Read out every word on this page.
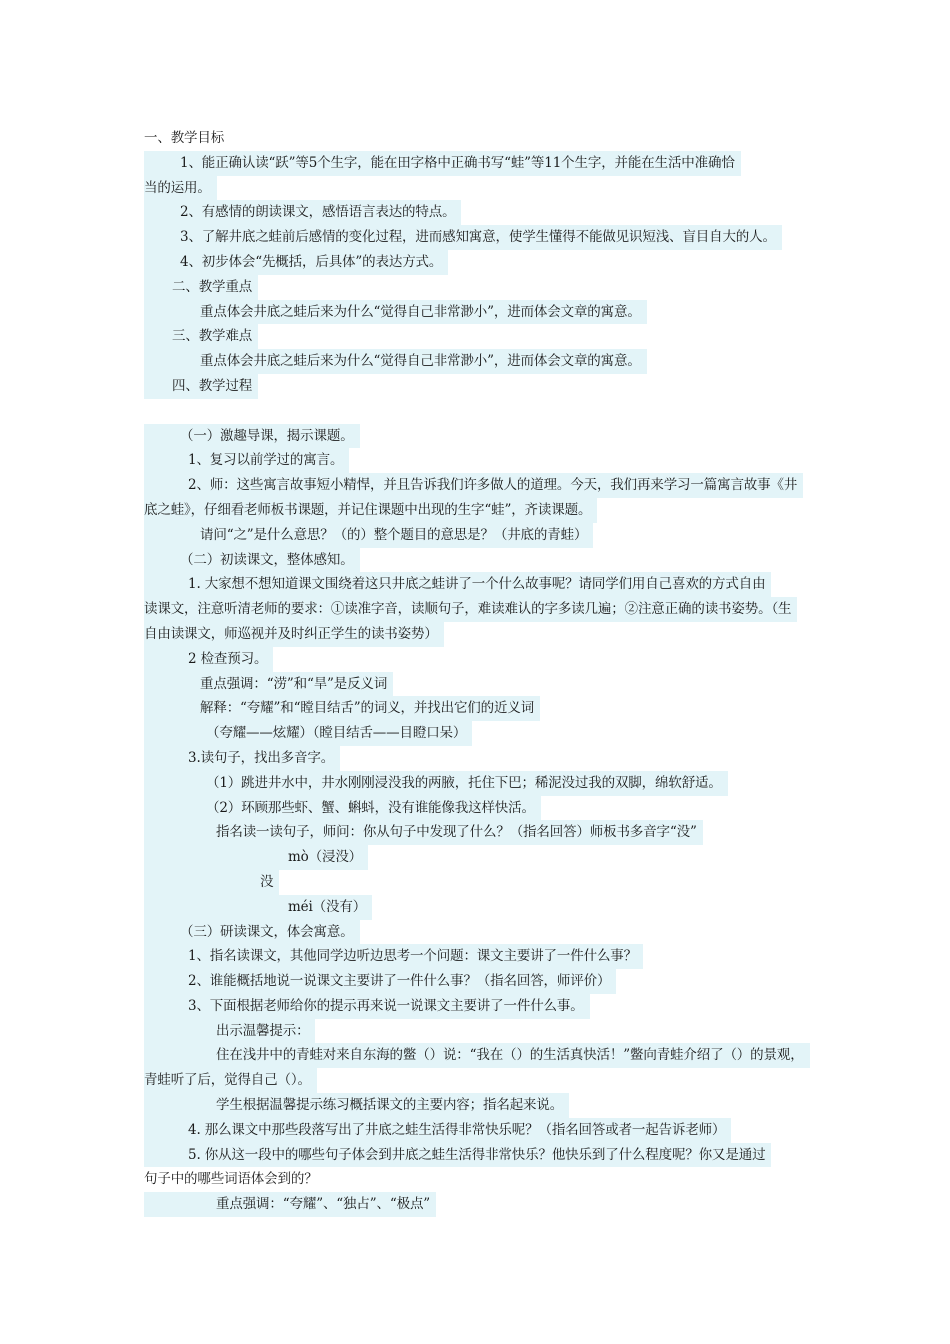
一、教学目标
1、能正确认读“跃”等5个生字，能在田字格中正确书写“蛙”等11个生字，并能在生活中准确恰
当的运用。
2、有感情的朗读课文，感悟语言表达的特点。
3、了解井底之蛙前后感情的变化过程，进而感知寓意，使学生懂得不能做见识短浅、盲目自大的人。
4、初步体会“先概括，后具体”的表达方式。
二、教学重点
重点体会井底之蛙后来为什么“觉得自己非常渺小”，进而体会文章的寓意。
三、教学难点
重点体会井底之蛙后来为什么“觉得自己非常渺小”，进而体会文章的寓意。
四、教学过程
（一）激趣导课，揭示课题。
1、复习以前学过的寓言。
2、师：这些寓言故事短小精悍，并且告诉我们许多做人的道理。今天，我们再来学习一篇寓言故事《井
底之蛙》，仔细看老师板书课题，并记住课题中出现的生字“蛙”，齐读课题。
请问“之”是什么意思？（的）整个题目的意思是？（井底的青蛙）
（二）初读课文，整体感知。
1. 大家想不想知道课文围绕着这只井底之蛙讲了一个什么故事呢？请同学们用自己喜欢的方式自由
读课文，注意听清老师的要求：①读准字音，读顺句子，难读难认的字多读几遍；②注意正确的读书姿势。（生
自由读课文，师巡视并及时纠正学生的读书姿势）
2 检查预习。
重点强调：“涝”和“旱”是反义词
解释：“夸耀”和“瞠目结舌”的词义，并找出它们的近义词
（夸耀——炫耀）（瞠目结舌——目瞪口呆）
3.读句子，找出多音字。
（1）跳进井水中，井水刚刚浸没我的两腋，托住下巴；稀泥没过我的双脚，绵软舒适。
（2）环顾那些虾、蟹、蝌蚪，没有谁能像我这样快活。
指名读一读句子，师问：你从句子中发现了什么？（指名回答）师板书多音字“没”
mò（浸没）
没
méi（没有）
（三）研读课文，体会寓意。
1、指名读课文，其他同学边听边思考一个问题：课文主要讲了一件什么事？
2、谁能概括地说一说课文主要讲了一件什么事？（指名回答，师评价）
3、下面根据老师给你的提示再来说一说课文主要讲了一件什么事。
出示温馨提示：
住在浅井中的青蛙对来自东海的鳖（）说：“我在（）的生活真快活！”鳖向青蛙介绍了（）的景观，
青蛙听了后，觉得自己（）。
学生根据温馨提示练习概括课文的主要内容；指名起来说。
4. 那么课文中那些段落写出了井底之蛙生活得非常快乐呢？（指名回答或者一起告诉老师）
5. 你从这一段中的哪些句子体会到井底之蛙生活得非常快乐？他快乐到了什么程度呢？你又是通过
句子中的哪些词语体会到的？
重点强调：“夸耀”、“独占”、“极点”
